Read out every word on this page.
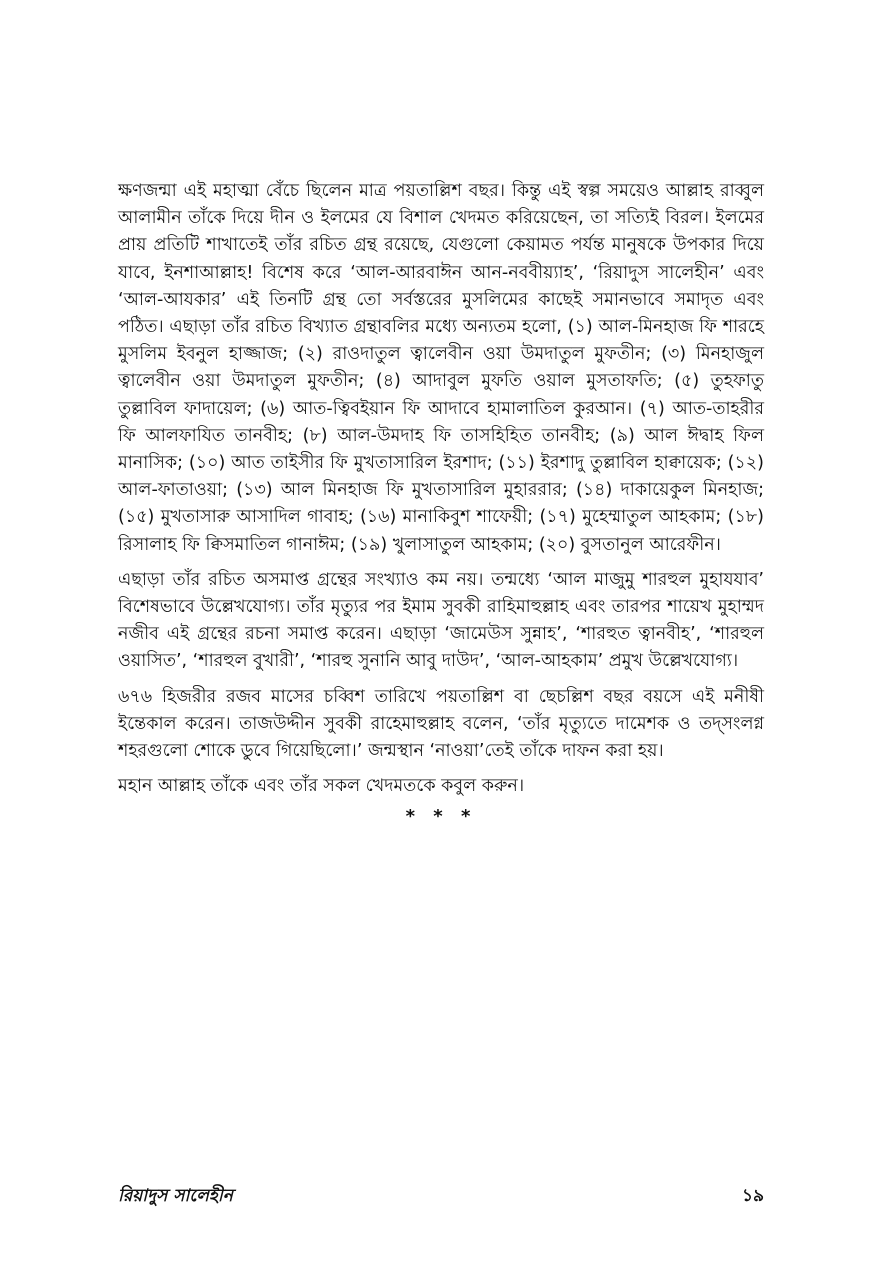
ক্ষণজন্মা এই মহাত্মা বেঁচে ছিলেন মাত্র পয়তাল্লিশ বছর। কিন্তু এই স্বল্প সময়েও আল্লাহ রাব্বুল আলামীন তাঁকে দিয়ে দীন ও ইলমের যে বিশাল খেদমত করিয়েছেন, তা সত্যিই বিরল। ইলমের প্রায় প্রতিটি শাখাতেই তাঁর রচিত গ্রন্থ রয়েছে, যেগুলো কেয়ামত পর্যন্ত মানুষকে উপকার দিয়ে যাবে, ইনশাআল্লাহ! বিশেষ করে ‘আল-আরবাঈন আন-নববীয়্যাহ’, ‘রিয়াদুস সালেহীন’ এবং ‘আল-আযকার’ এই তিনটি গ্রন্থ তো সর্বস্তরের মুসলিমের কাছেই সমানভাবে সমাদৃত এবং পঠিত। এছাড়া তাঁর রচিত বিখ্যাত গ্রন্থাবলির মধ্যে অন্যতম হলো, (১) আল-মিনহাজ ফি শারহে মুসলিম ইবনুল হাজ্জাজ; (২) রাওদাতুল ত্বালেবীন ওয়া উমদাতুল মুফতীন; (৩) মিনহাজুল ত্বালেবীন ওয়া উমদাতুল মুফতীন; (৪) আদাবুল মুফতি ওয়াল মুসতাফতি; (৫) তুহফাতু তুল্লাবিল ফাদায়েল; (৬) আত-ত্বিবইয়ান ফি আদাবে হামালাতিল কুরআন। (৭) আত-তাহরীর ফি আলফাযিত তানবীহ; (৮) আল-উমদাহ ফি তাসহিহিত তানবীহ; (৯) আল ঈদ্বাহ ফিল মানাসিক; (১০) আত তাইসীর ফি মুখতাসারিল ইরশাদ; (১১) ইরশাদু তুল্লাবিল হাক্বায়েক; (১২) আল-ফাতাওয়া; (১৩) আল মিনহাজ ফি মুখতাসারিল মুহাররার; (১৪) দাকায়েকুল মিনহাজ; (১৫) মুখতাসারু আসাদিল গাবাহ; (১৬) মানাকিবুশ শাফেয়ী; (১৭) মুহেম্মাতুল আহকাম; (১৮) রিসালাহ ফি ক্বিসমাতিল গানাঈম; (১৯) খুলাসাতুল আহকাম; (২০) বুসতানুল আরেফীন।

এছাড়া তাঁর রচিত অসমাপ্ত গ্রন্থের সংখ্যাও কম নয়। তন্মধ্যে ‘আল মাজুমু শারহুল মুহাযযাব’ বিশেষভাবে উল্লেখযোগ্য। তাঁর মৃত্যুর পর ইমাম সুবকী রাহিমাহুল্লাহ এবং তারপর শায়েখ মুহাম্মদ নজীব এই গ্রন্থের রচনা সমাপ্ত করেন। এছাড়া ‘জামেউস সুন্নাহ’, ‘শারহুত ত্বানবীহ’, ‘শারহুল ওয়াসিত’, ‘শারহুল বুখারী’, ‘শারহু সুনানি আবু দাউদ’, ‘আল-আহকাম’ প্রমুখ উল্লেখযোগ্য।

৬৭৬ হিজরীর রজব মাসের চব্বিশ তারিখে পয়তাল্লিশ বা ছেচল্লিশ বছর বয়সে এই মনীষী ইন্তেকাল করেন। তাজউদ্দীন সুবকী রাহেমাহুল্লাহ বলেন, ‘তাঁর মৃত্যুতে দামেশক ও তদ্সংলগ্ন শহরগুলো শোকে ডুবে গিয়েছিলো।’ জন্মস্থান ‘নাওয়া’তেই তাঁকে দাফন করা হয়।

মহান আল্লাহ তাঁকে এবং তাঁর সকল খেদমতকে কবুল করুন।

* * *
রিয়াদুস সালেহীন	১৯
